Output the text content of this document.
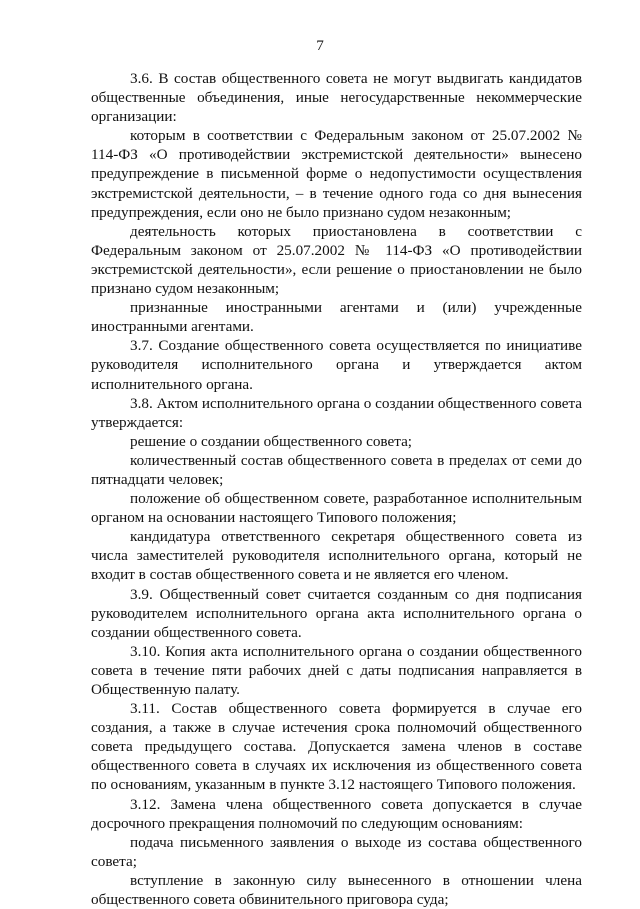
7

3.6. В состав общественного совета не могут выдвигать кандидатов общественные объединения, иные негосударственные некоммерческие организации:

которым в соответствии с Федеральным законом от 25.07.2002 № 114-ФЗ «О противодействии экстремистской деятельности» вынесено предупреждение в письменной форме о недопустимости осуществления экстремистской деятельности, – в течение одного года со дня вынесения предупреждения, если оно не было признано судом незаконным;

деятельность которых приостановлена в соответствии с Федеральным законом от 25.07.2002 № 114-ФЗ «О противодействии экстремистской деятельности», если решение о приостановлении не было признано судом незаконным;

признанные иностранными агентами и (или) учрежденные иностранными агентами.

3.7. Создание общественного совета осуществляется по инициативе руководителя исполнительного органа и утверждается актом исполнительного органа.

3.8. Актом исполнительного органа о создании общественного совета утверждается:

решение о создании общественного совета;

количественный состав общественного совета в пределах от семи до пятнадцати человек;

положение об общественном совете, разработанное исполнительным органом на основании настоящего Типового положения;

кандидатура ответственного секретаря общественного совета из числа заместителей руководителя исполнительного органа, который не входит в состав общественного совета и не является его членом.

3.9. Общественный совет считается созданным со дня подписания руководителем исполнительного органа акта исполнительного органа о создании общественного совета.

3.10. Копия акта исполнительного органа о создании общественного совета в течение пяти рабочих дней с даты подписания направляется в Общественную палату.

3.11. Состав общественного совета формируется в случае его создания, а также в случае истечения срока полномочий общественного совета предыдущего состава. Допускается замена членов в составе общественного совета в случаях их исключения из общественного совета по основаниям, указанным в пункте 3.12 настоящего Типового положения.

3.12. Замена члена общественного совета допускается в случае досрочного прекращения полномочий по следующим основаниям:

подача письменного заявления о выходе из состава общественного совета;

вступление в законную силу вынесенного в отношении члена общественного совета обвинительного приговора суда;
